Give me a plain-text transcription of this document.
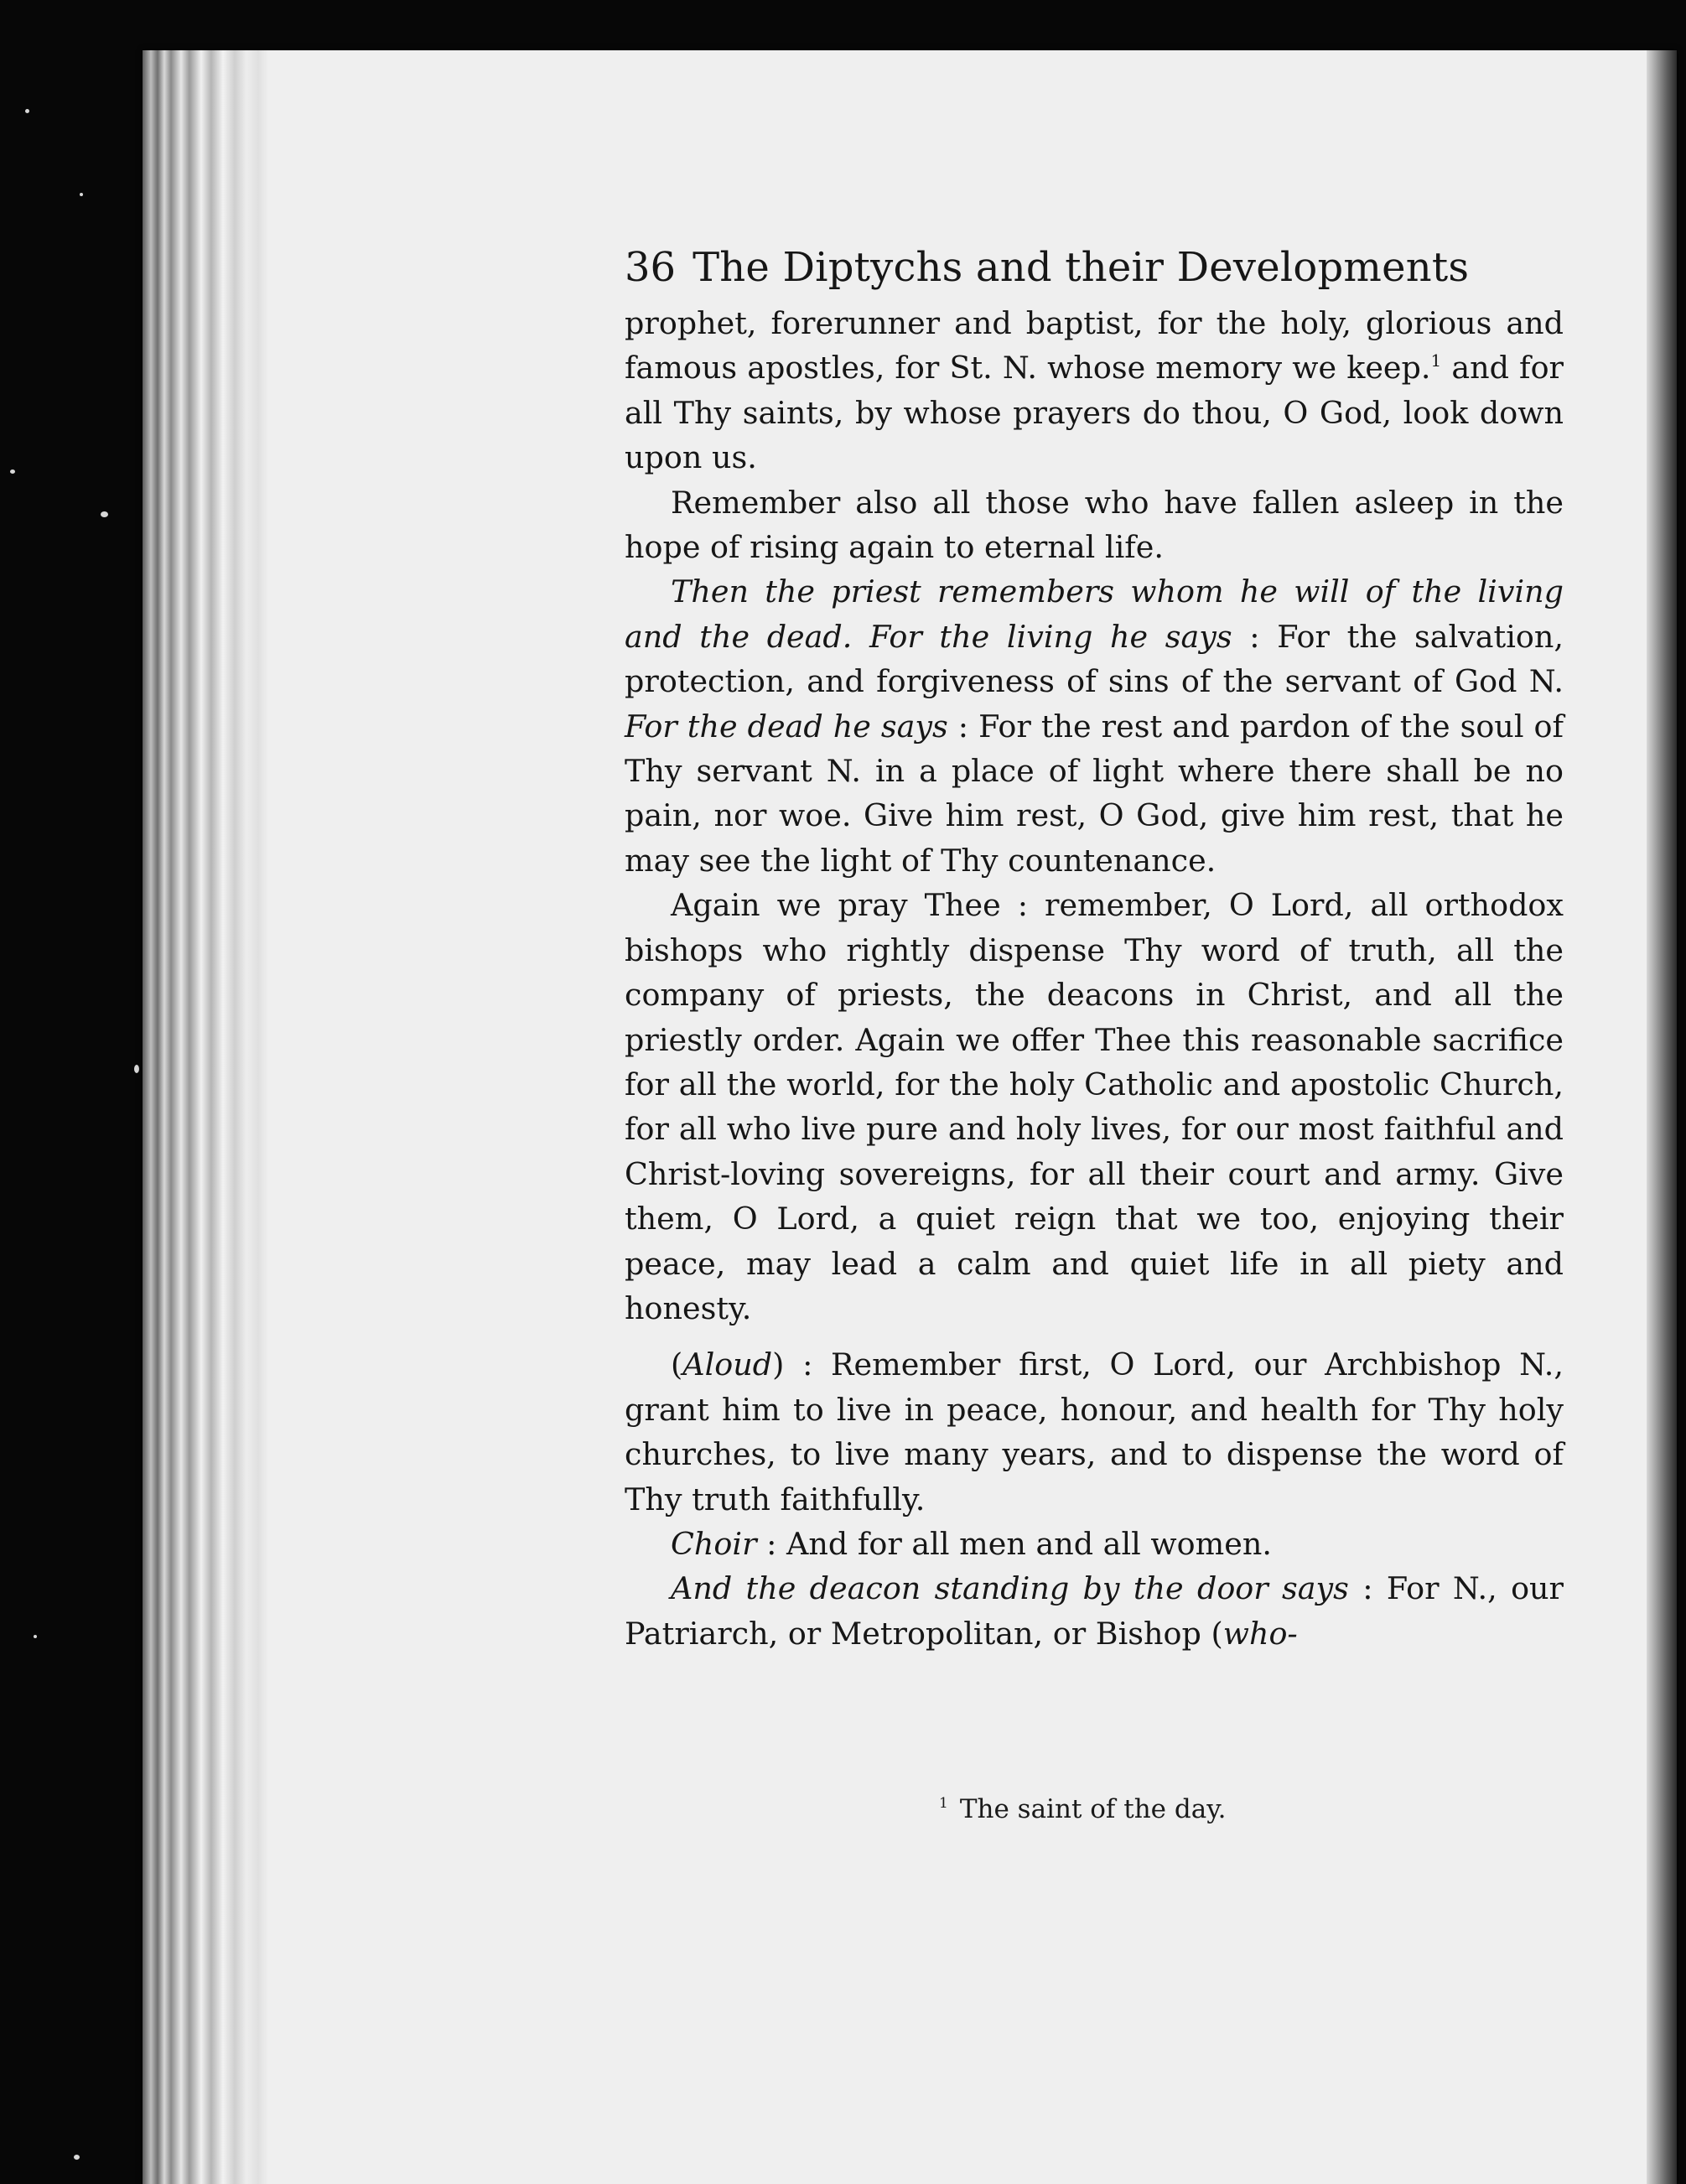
36 The Diptychs and their Developments

prophet, forerunner and baptist, for the holy, glorious and famous apostles, for St. N. whose memory we keep.$^1$ and for all Thy saints, by whose prayers do thou, O God, look down upon us.

Remember also all those who have fallen asleep in the hope of rising again to eternal life.

Then the priest remembers whom he will of the living and the dead. For the living he says : For the salvation, protection, and forgiveness of sins of the servant of God N. For the dead he says : For the rest and pardon of the soul of Thy servant N. in a place of light where there shall be no pain, nor woe. Give him rest, O God, give him rest, that he may see the light of Thy countenance.

Again we pray Thee : remember, O Lord, all orthodox bishops who rightly dispense Thy word of truth, all the company of priests, the deacons in Christ, and all the priestly order. Again we offer Thee this reasonable sacrifice for all the world, for the holy Catholic and apostolic Church, for all who live pure and holy lives, for our most faithful and Christ-loving sovereigns, for all their court and army. Give them, O Lord, a quiet reign that we too, enjoying their peace, may lead a calm and quiet life in all piety and honesty.

(Aloud) : Remember first, O Lord, our Archbishop N., grant him to live in peace, honour, and health for Thy holy churches, to live many years, and to dispense the word of Thy truth faithfully.

Choir : And for all men and all women.

And the deacon standing by the door says : For N., our Patriarch, or Metropolitan, or Bishop (who-

$^1$ The saint of the day.
